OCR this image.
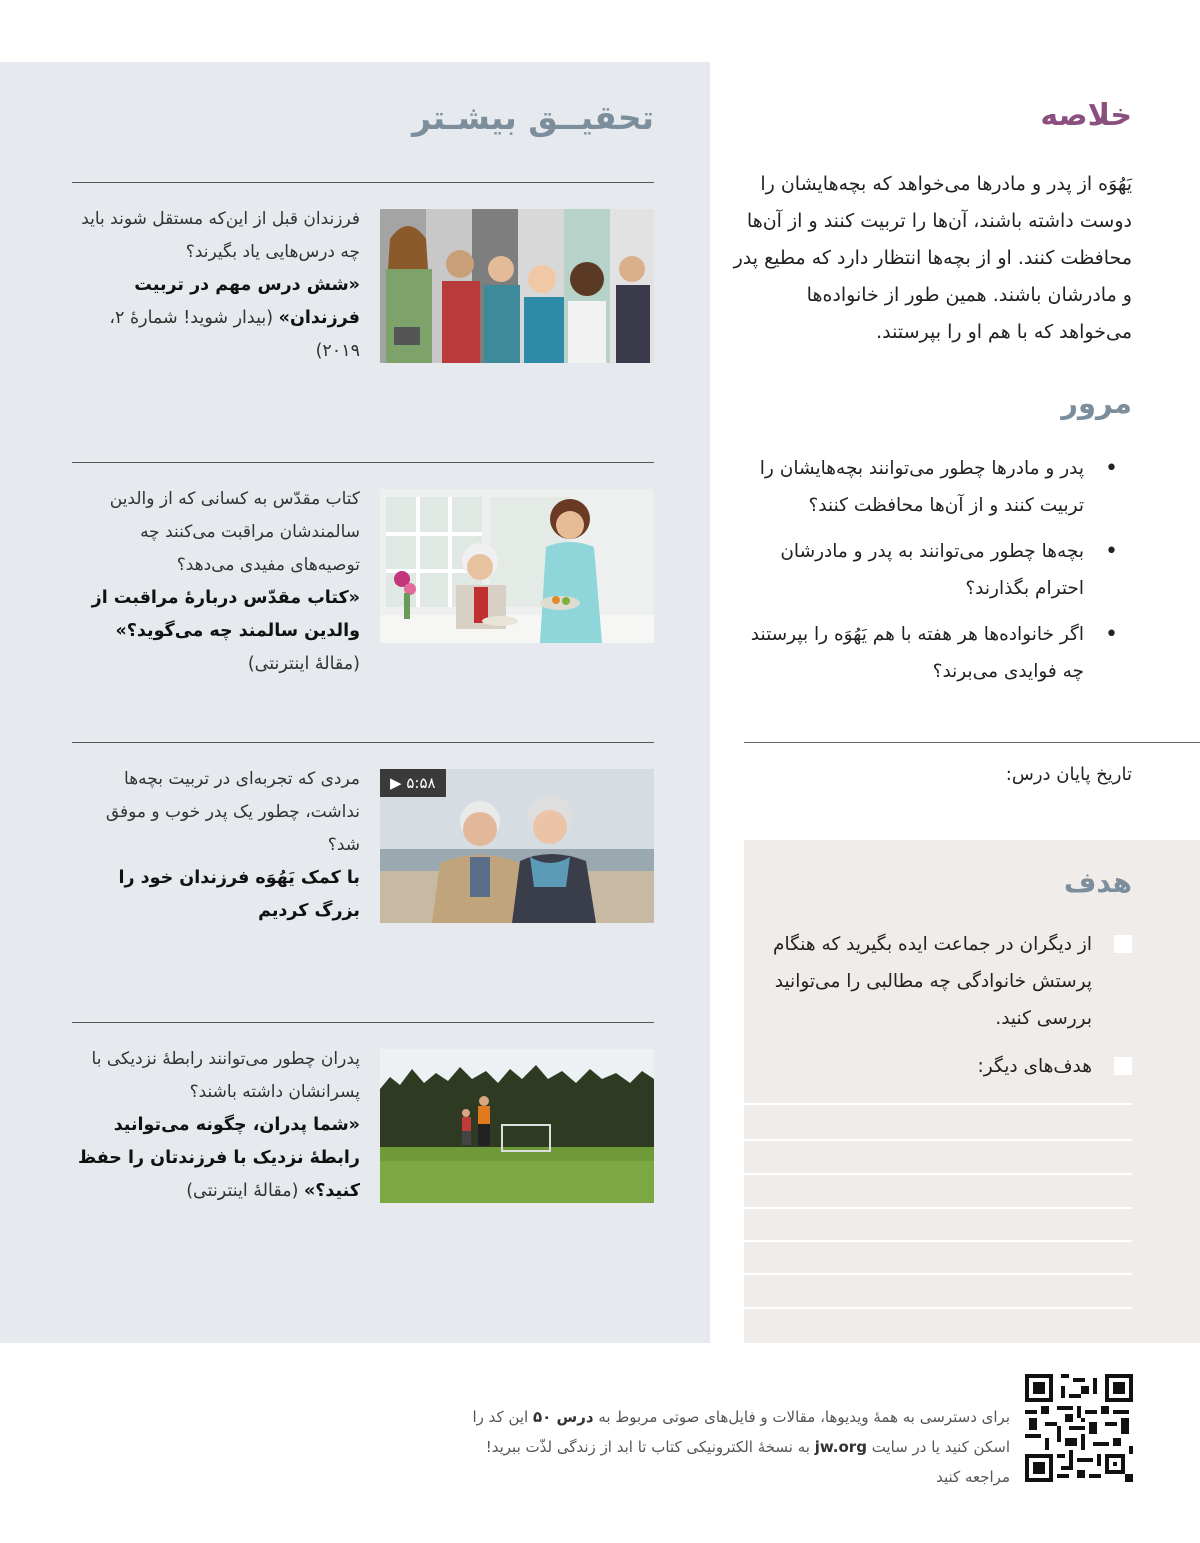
تحقیــق بیشـتر
فرزندان قبل از این‌که مستقل شوند باید چه درس‌هایی یاد بگیرند؟
«شش درس مهم در تربیت فرزندان» (بیدار شوید! شمارهٔ ۲، ۲۰۱۹)
کتاب مقدّس به کسانی که از والدین سالمندشان مراقبت می‌کنند چه توصیه‌های مفیدی می‌دهد؟
«کتاب مقدّس دربارهٔ مراقبت از والدین سالمند چه می‌گوید؟» (مقالهٔ اینترنتی)
▶ ۵:۵۸
مردی که تجربه‌ای در تربیت بچه‌ها نداشت، چطور یک پدر خوب و موفق شد؟
با کمک یَهُوَه فرزندان خود را بزرگ کردیم
پدران چطور می‌توانند رابطهٔ نزدیکی با پسرانشان داشته باشند؟
«شما پدران، چگونه می‌توانید رابطهٔ نزدیک با فرزندتان را حفظ کنید؟» (مقالهٔ اینترنتی)
خلاصه
یَهُوَه از پدر و مادرها می‌خواهد که بچه‌هایشان را دوست داشته باشند، آن‌ها را تربیت کنند و از آن‌ها محافظت کنند. او از بچه‌ها انتظار دارد که مطیع پدر و مادرشان باشند. همین طور از خانواده‌ها می‌خواهد که با هم او را بپرستند.
مرور
• پدر و مادرها چطور می‌توانند بچه‌هایشان را تربیت کنند و از آن‌ها محافظت کنند؟
• بچه‌ها چطور می‌توانند به پدر و مادرشان احترام بگذارند؟
• اگر خانواده‌ها هر هفته با هم یَهُوَه را بپرستند چه فوایدی می‌برند؟
تاریخ پایان درس:
هدف
از دیگران در جماعت ایده بگیرید که هنگام پرستش خانوادگی چه مطالبی را می‌توانید بررسی کنید.
هدف‌های دیگر:
برای دسترسی به همهٔ ویدیوها، مقالات و فایل‌های صوتی مربوط به درس ۵۰ این کد را اسکن کنید یا در سایت jw.org به نسخهٔ الکترونیکی کتاب تا ابد از زندگی لذّت ببرید! مراجعه کنید
